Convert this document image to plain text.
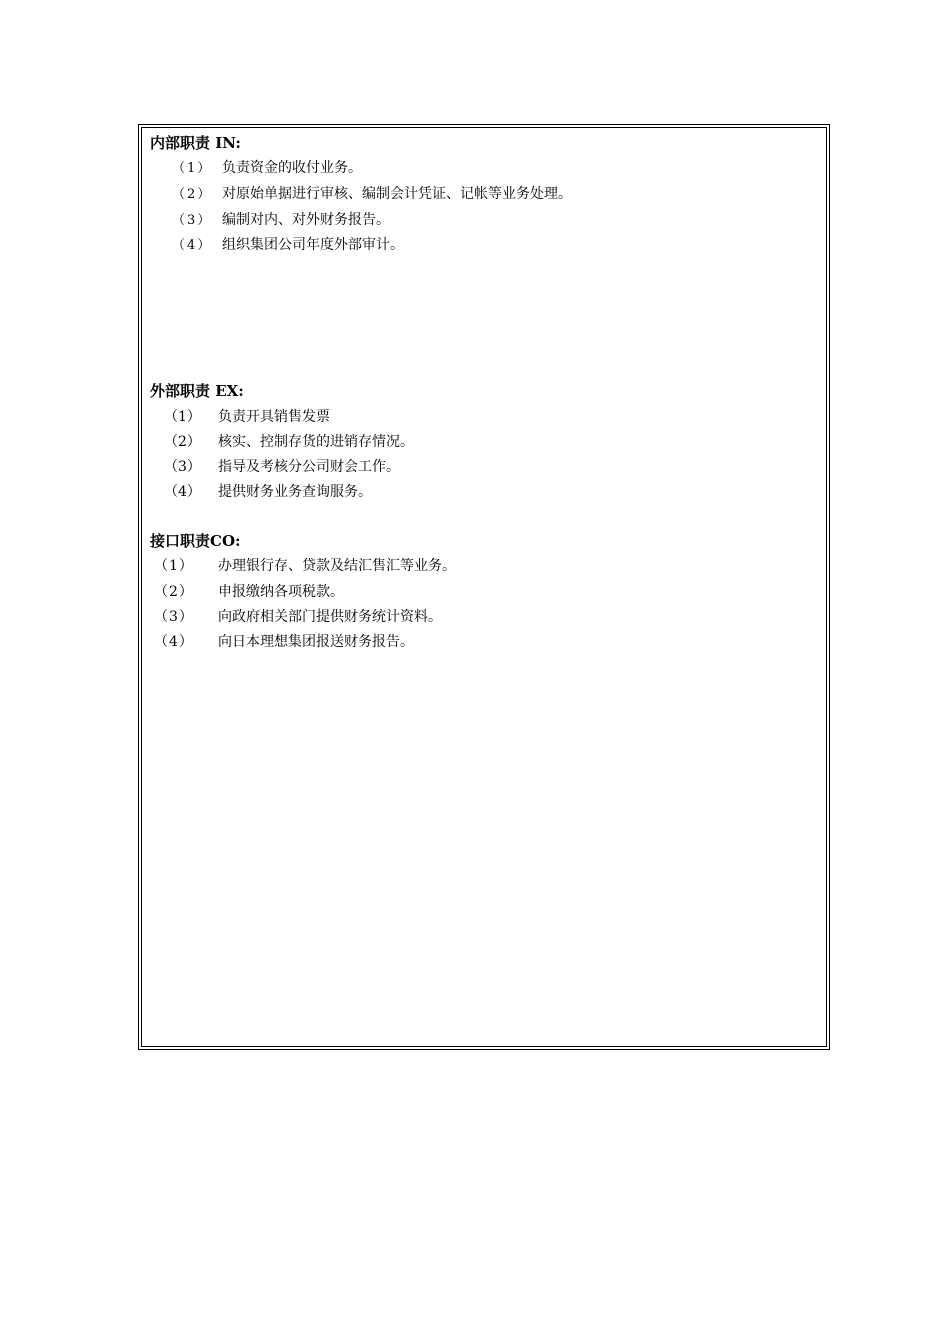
内部职责 IN:
（1） 负责资金的收付业务。
（2） 对原始单据进行审核、编制会计凭证、记帐等业务处理。
（3） 编制对内、对外财务报告。
（4） 组织集团公司年度外部审计。
外部职责 EX:
（1） 负责开具销售发票
（2） 核实、控制存货的进销存情况。
（3） 指导及考核分公司财会工作。
（4） 提供财务业务查询服务。
接口职责CO:
（1） 办理银行存、贷款及结汇售汇等业务。
（2） 申报缴纳各项税款。
（3） 向政府相关部门提供财务统计资料。
（4） 向日本理想集团报送财务报告。
